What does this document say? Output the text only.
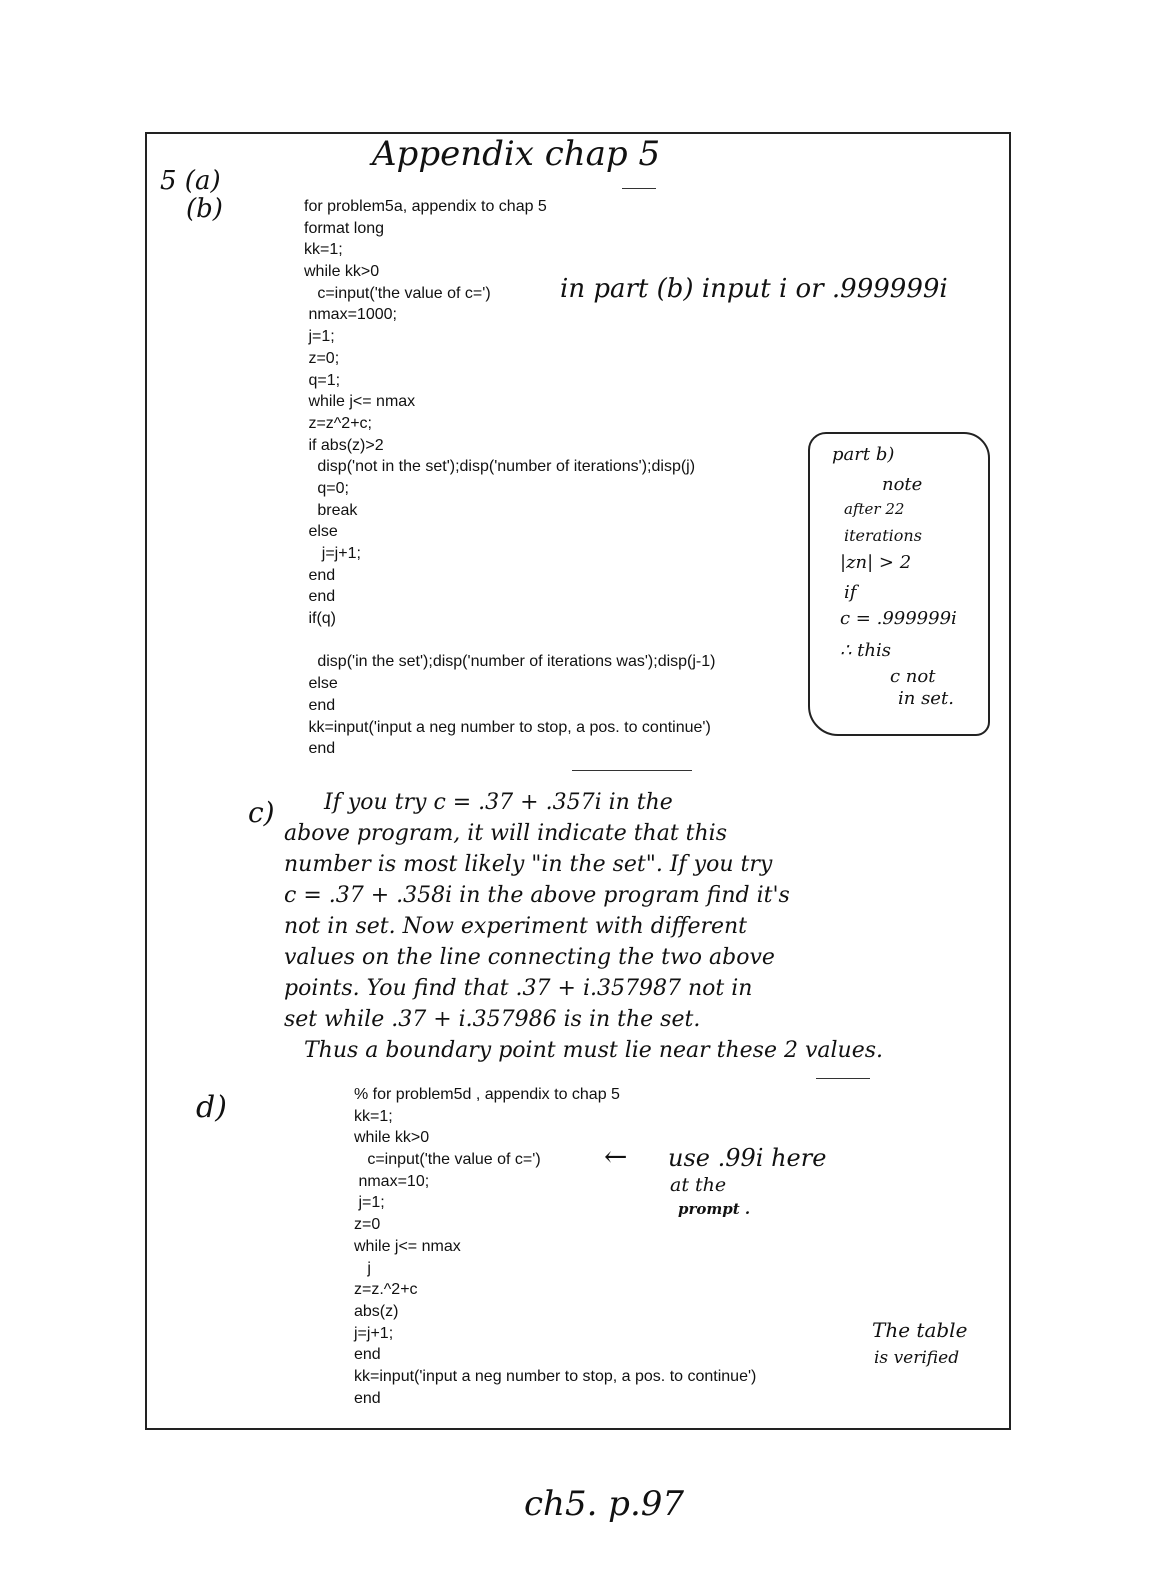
Appendix chap 5
5 (a)
(b)	for problem5a, appendix to chap 5
format long
kk=1;
while kk>0
c=input('the value of c=')
nmax=1000;
j=1;
z=0;
q=1;
while j<= nmax
z=z^2+c;
if abs(z)>2
disp('not in the set');disp('number of iterations');disp(j)
q=0;
break
else
j=j+1;
end
end
if(q)
disp('in the set');disp('number of iterations was');disp(j-1)
else
end
kk=input('input a neg number to stop, a pos. to continue')
end
in part (b) input i or .999999i
part b)
note
after 22
iterations
|zn| > 2
if
c = .999999i
∴ this
c not
in set.
c) If you try c = .37 + .357i in the
above program, it will indicate that this
number is most likely "in the set". If you try
c = .37 + .358i in the above program find it's
not in set. Now experiment with different
values on the line connecting the two above
points. You find that .37 + i.357987 not in
set while .37 + i.357986 is in the set.
Thus a boundary point must lie near these 2 values.
d)	% for problem5d , appendix to chap 5
kk=1;
while kk>0
c=input('the value of c=')
nmax=10;
j=1;
z=0
while j<= nmax
j
z=z.^2+c
abs(z)
j=j+1;
end
kk=input('input a neg number to stop, a pos. to continue')
end
← use .99i here
at the
prompt .
The table
is verified
ch5. p.97
